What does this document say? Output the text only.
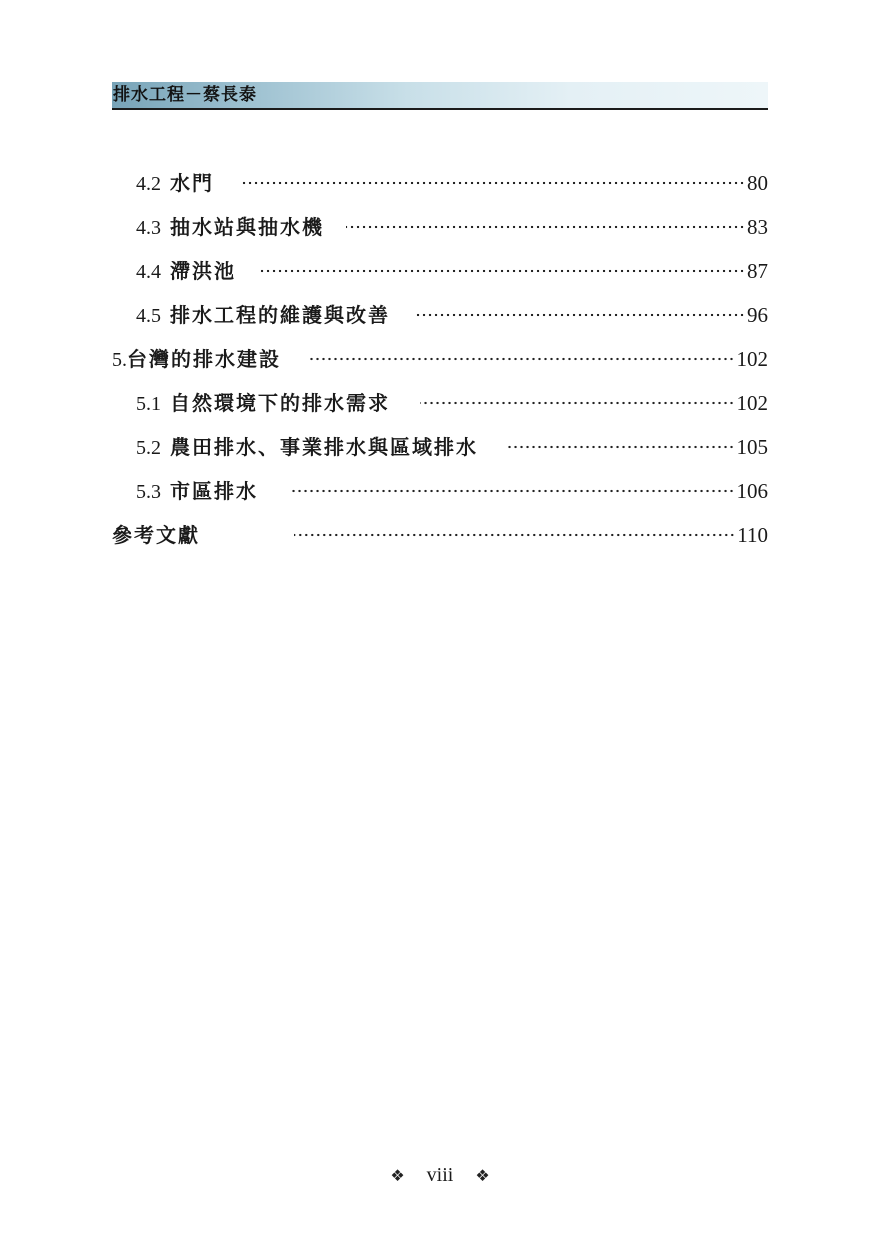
排水工程－蔡長泰
4.2 水門	80
4.3 抽水站與抽水機	83
4.4 滯洪池	87
4.5 排水工程的維護與改善	96
5.台灣的排水建設	102
5.1 自然環境下的排水需求	102
5.2 農田排水、事業排水與區域排水	105
5.3 市區排水	106
參考文獻	110
❖ viii ❖
